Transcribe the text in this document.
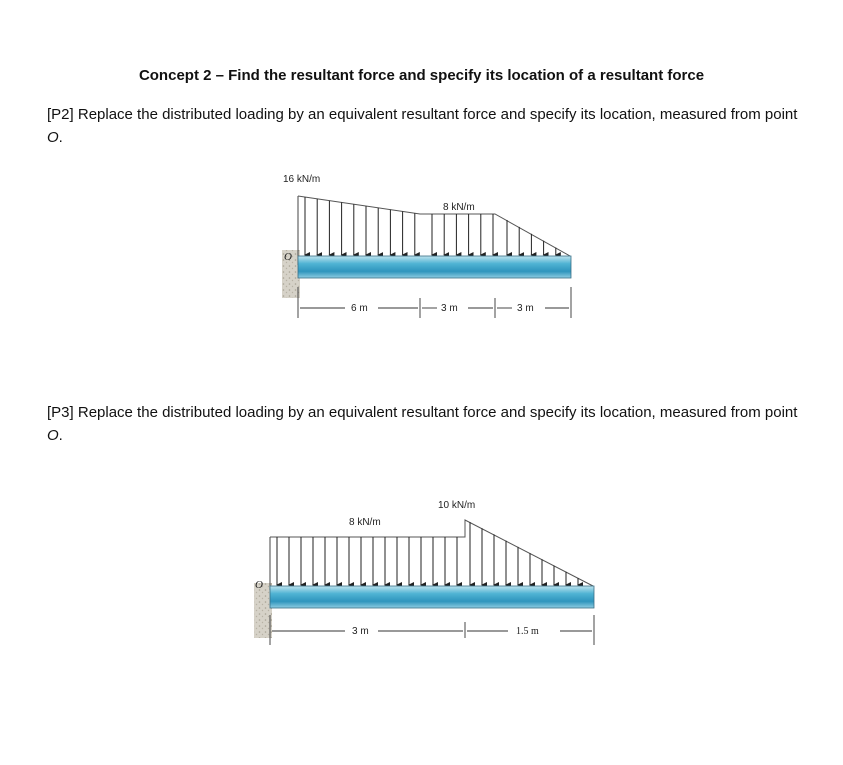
Concept 2 – Find the resultant force and specify its location of a resultant force
[P2] Replace the distributed loading by an equivalent resultant force and specify its location, measured from point O.
[P3] Replace the distributed loading by an equivalent resultant force and specify its location, measured from point O.
O
16 kN/m
8 kN/m
6 m	3 m	3 m
O
8 kN/m
10 kN/m
3 m	1.5 m
